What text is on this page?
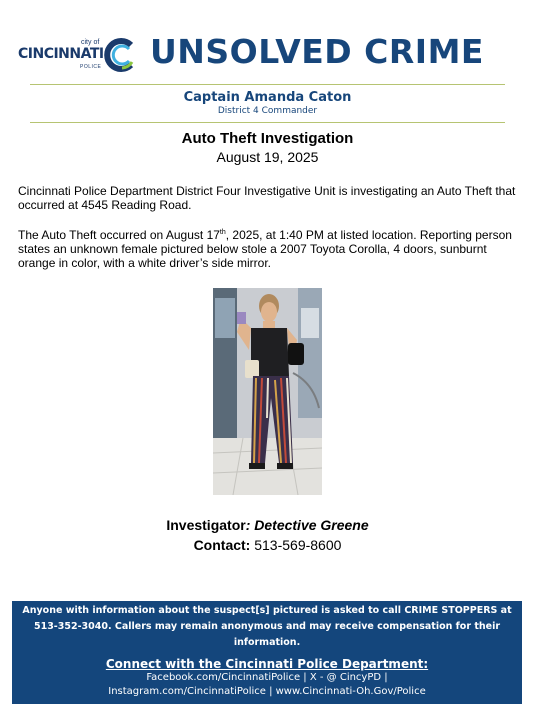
city of
CINCINNATI
POLICE UNSOLVED CRIME
Captain Amanda Caton
District 4 Commander
Auto Theft Investigation
August 19, 2025
Cincinnati Police Department District Four Investigative Unit is investigating an Auto Theft that occurred at 4545 Reading Road.
The Auto Theft occurred on August 17th, 2025, at 1:40 PM at listed location. Reporting person states an unknown female pictured below stole a 2007 Toyota Corolla, 4 doors, sunburnt orange in color, with a white driver’s side mirror.
Investigator: Detective Greene
Contact: 513-569-8600
Anyone with information about the suspect[s] pictured is asked to call CRIME STOPPERS at 513-352-3040. Callers may remain anonymous and may receive compensation for their information.
Connect with the Cincinnati Police Department:
Facebook.com/CincinnatiPolice | X - @ CincyPD |
Instagram.com/CincinnatiPolice | www.Cincinnati-Oh.Gov/Police
